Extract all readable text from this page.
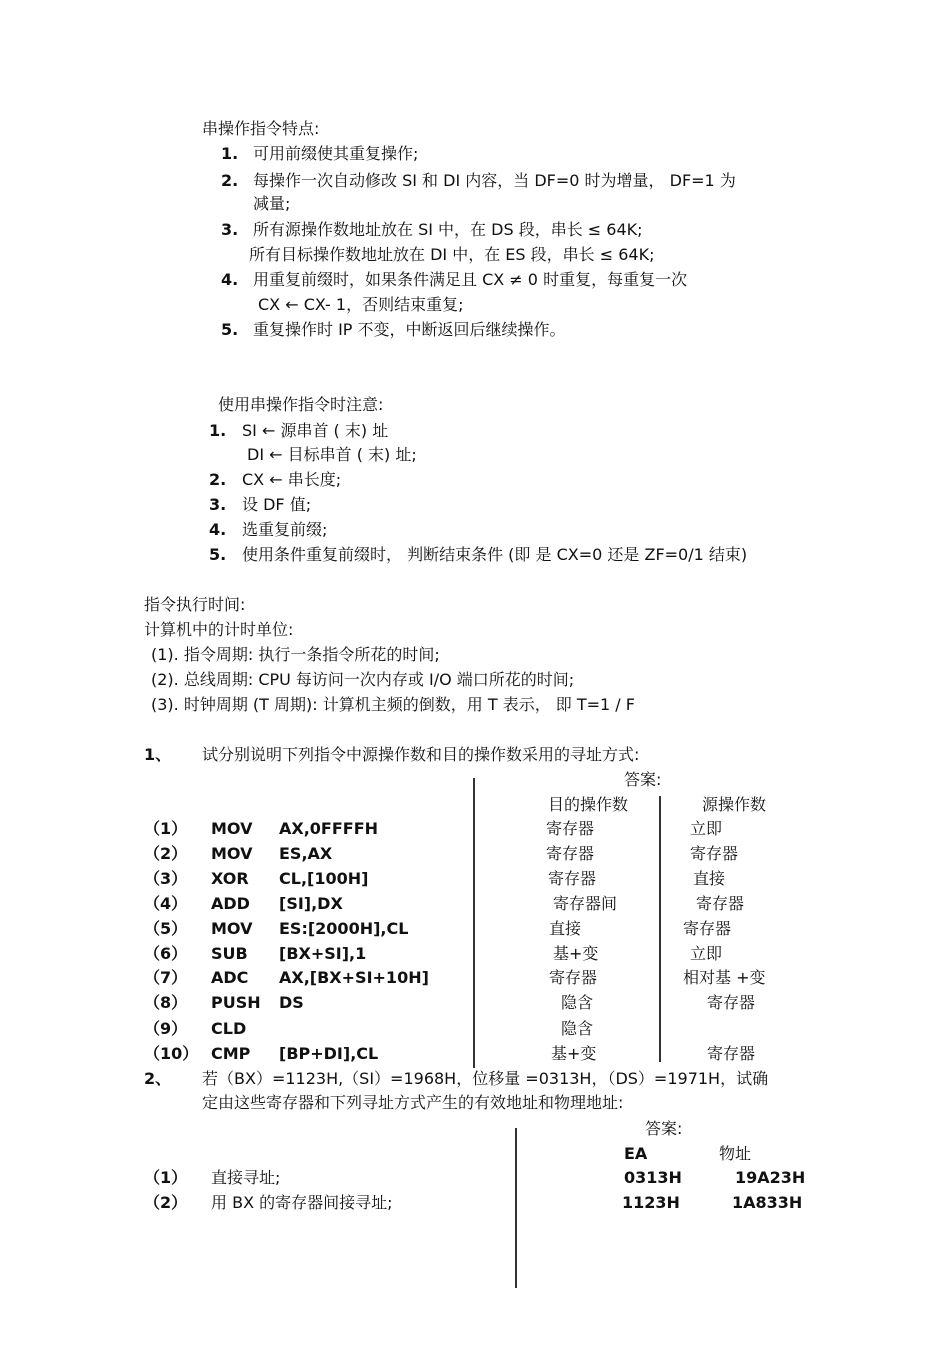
串操作指令特点:
1. 可用前缀使其重复操作;
2. 每操作一次自动修改 SI 和 DI 内容，当 DF=0 时为增量， DF=1 为
减量;
3. 所有源操作数地址放在 SI 中，在 DS 段，串长 ≤ 64K;
所有目标操作数地址放在 DI 中，在 ES 段，串长 ≤ 64K;
4. 用重复前缀时，如果条件满足且 CX ≠ 0 时重复，每重复一次
CX ← CX- 1，否则结束重复;
5. 重复操作时 IP 不变，中断返回后继续操作。
使用串操作指令时注意:
1. SI ← 源串首 ( 末) 址
DI ← 目标串首 ( 末) 址;
2. CX ← 串长度;
3. 设 DF 值;
4. 选重复前缀;
5. 使用条件重复前缀时， 判断结束条件 (即 是 CX=0 还是 ZF=0/1 结束)
指令执行时间:
计算机中的计时单位:
(1). 指令周期: 执行一条指令所花的时间;
(2). 总线周期: CPU 每访问一次内存或 I/O 端口所花的时间;
(3). 时钟周期 (T 周期): 计算机主频的倒数，用 T 表示， 即 T=1 / F
1、 试分别说明下列指令中源操作数和目的操作数采用的寻址方式:
答案:
目的操作数	源操作数
（1） MOV AX,0FFFFH	寄存器	立即
（2） MOV ES,AX	寄存器	寄存器
（3） XOR CL,[100H]	寄存器	直接
（4） ADD [SI],DX	寄存器间	寄存器
（5） MOV ES:[2000H],CL	直接	寄存器
（6） SUB [BX+SI],1	基+变	立即
（7） ADC AX,[BX+SI+10H]	寄存器	相对基 +变
（8） PUSH DS	隐含	寄存器
（9） CLD	隐含
（10） CMP [BP+DI],CL	基+变	寄存器
2、 若（BX）=1123H,（SI）=1968H，位移量 =0313H，（DS）=1971H，试确
定由这些寄存器和下列寻址方式产生的有效地址和物理地址:
答案:
EA	物址
（1） 直接寻址;	0313H	19A23H
（2） 用 BX 的寄存器间接寻址;	1123H	1A833H
